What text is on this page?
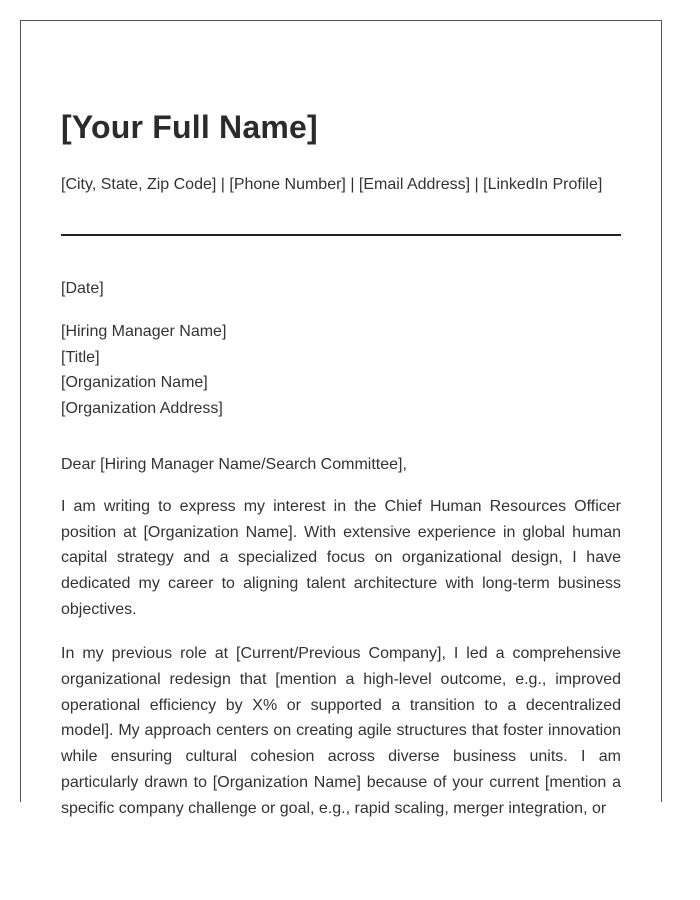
[Your Full Name]
[City, State, Zip Code] | [Phone Number] | [Email Address] | [LinkedIn Profile]
[Date]
[Hiring Manager Name]
[Title]
[Organization Name]
[Organization Address]
Dear [Hiring Manager Name/Search Committee],

I am writing to express my interest in the Chief Human Resources Officer position at [Organization Name]. With extensive experience in global human capital strategy and a specialized focus on organizational design, I have dedicated my career to aligning talent architecture with long-term business objectives.

In my previous role at [Current/Previous Company], I led a comprehensive organizational redesign that [mention a high-level outcome, e.g., improved operational efficiency by X% or supported a transition to a decentralized model]. My approach centers on creating agile structures that foster innovation while ensuring cultural cohesion across diverse business units. I am particularly drawn to [Organization Name] because of your current [mention a specific company challenge or goal, e.g., rapid scaling, merger integration, or
